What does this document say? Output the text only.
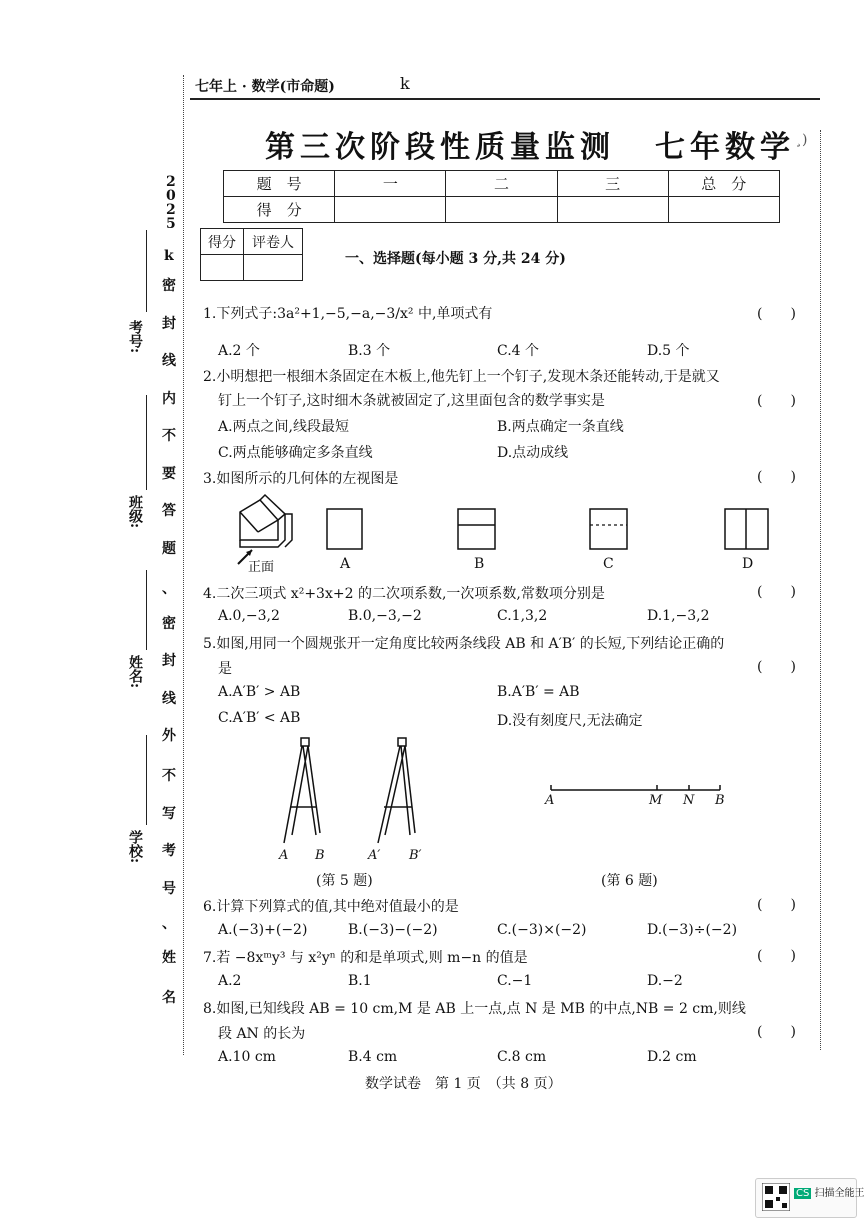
七年上 · 数学(市命题)	k
2025
k
密
封
线
内
不
要
答
题
、
密
封
线
外
不
写
考
号
、
姓
名
考号:
班级:
姓名:
学校:
第三次阶段性质量监测 七年数学 ¸)
题　号	一	二	三	总　分
得　分				
得分	评卷人

一、选择题(每小题 3 分,共 24 分)
1.下列式子:3a²+1,−5,−a,−3/x² 中,单项式有	(　　)
A.2 个	B.3 个	C.4 个	D.5 个
2.小明想把一根细木条固定在木板上,他先钉上一个钉子,发现木条还能转动,于是就又
钉上一个钉子,这时细木条就被固定了,这里面包含的数学事实是	(　　)
A.两点之间,线段最短	B.两点确定一条直线
C.两点能够确定多条直线	D.点动成线
3.如图所示的几何体的左视图是	(　　)
正面	A	B	C	D
4.二次三项式 x²+3x+2 的二次项系数,一次项系数,常数项分别是	(　　)
A.0,−3,2	B.0,−3,−2	C.1,3,2	D.1,−3,2
5.如图,用同一个圆规张开一定角度比较两条线段 AB 和 A′B′ 的长短,下列结论正确的
是	(　　)
A.A′B′ > AB	B.A′B′ = AB
C.A′B′ < AB	D.没有刻度尺,无法确定
A B	A′ B′
(第 5 题)
A	M N B
(第 6 题)
6.计算下列算式的值,其中绝对值最小的是	(　　)
A.(−3)+(−2)	B.(−3)−(−2)	C.(−3)×(−2)	D.(−3)÷(−2)
7.若 −8xᵐy³ 与 x²yⁿ 的和是单项式,则 m−n 的值是	(　　)
A.2	B.1	C.−1	D.−2
8.如图,已知线段 AB = 10 cm,M 是 AB 上一点,点 N 是 MB 的中点,NB = 2 cm,则线
段 AN 的长为	(　　)
A.10 cm	B.4 cm	C.8 cm	D.2 cm
数学试卷　第 1 页　（共 8 页）
CS 扫描全能王
